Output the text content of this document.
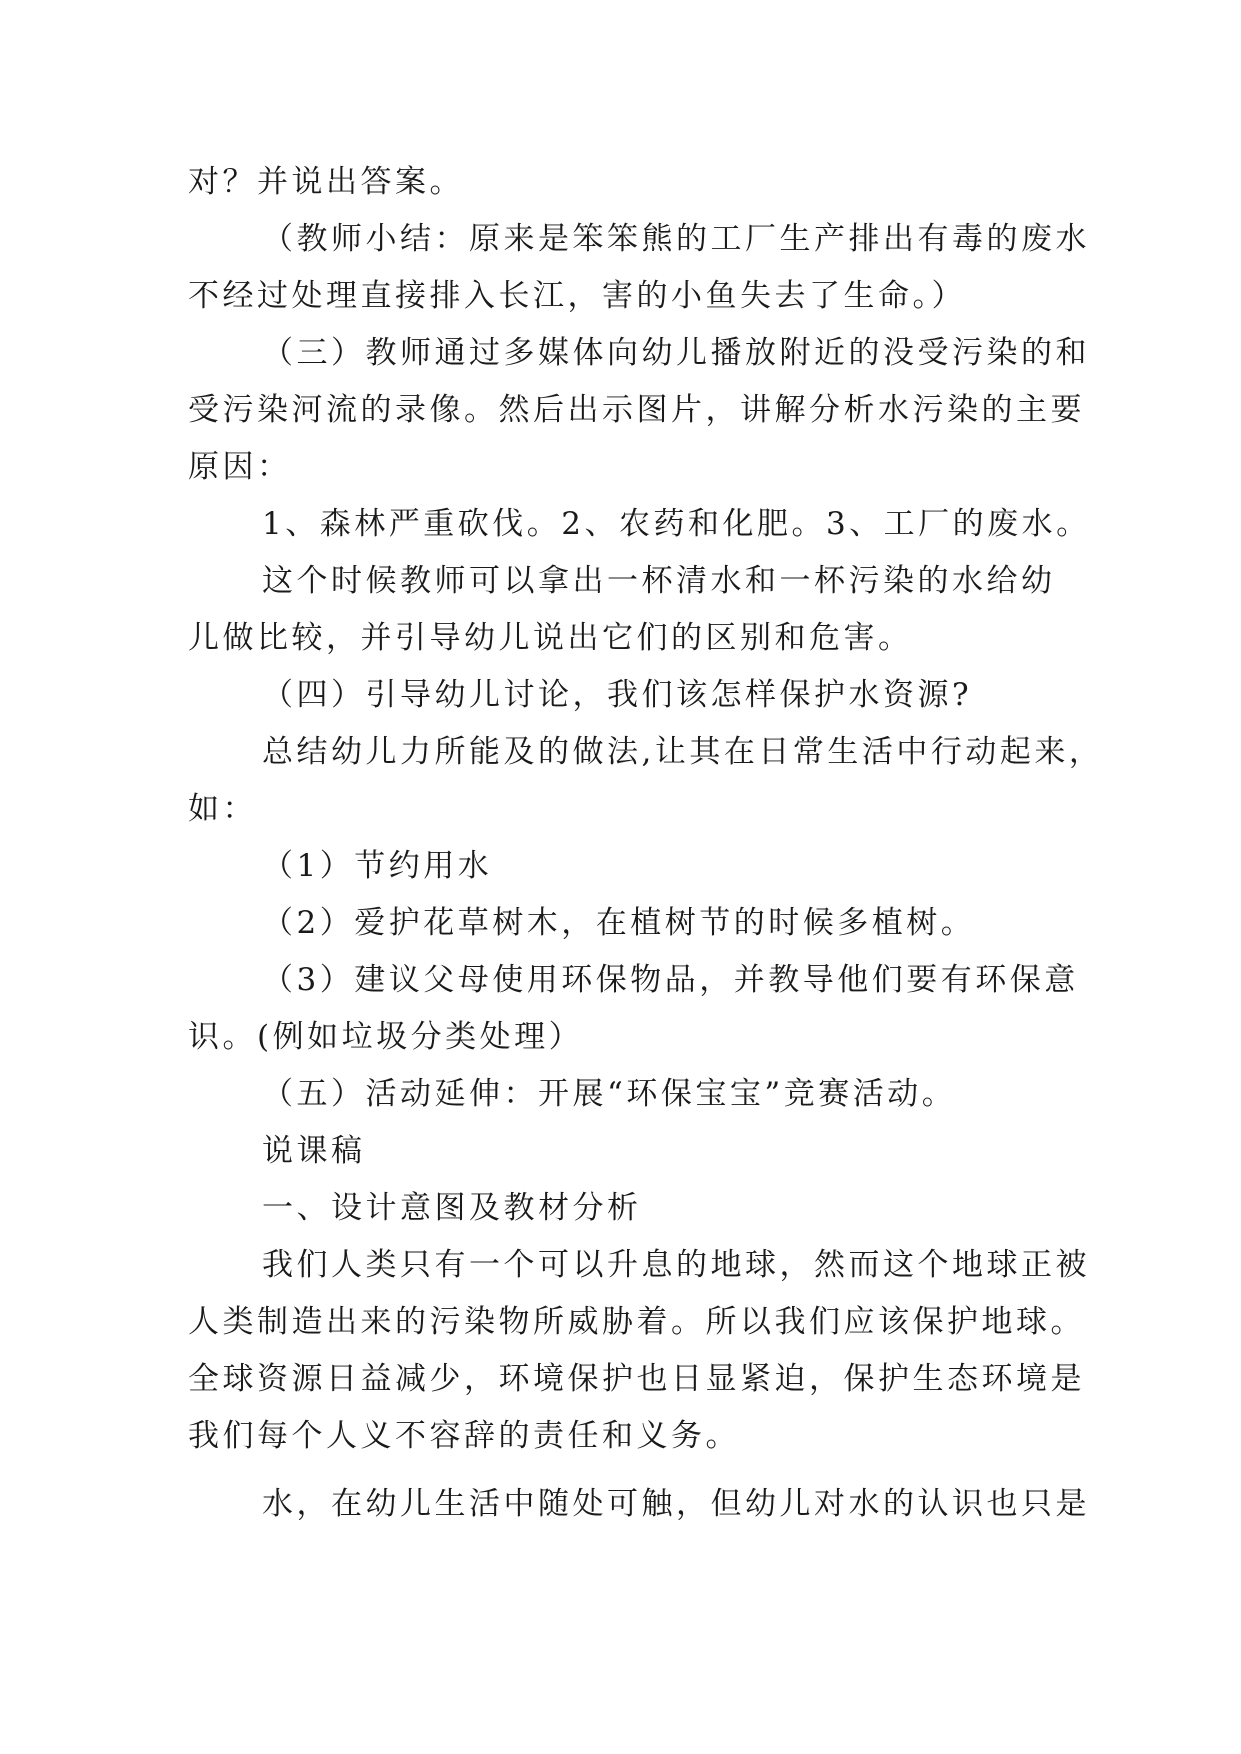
对？并说出答案。
（教师小结：原来是笨笨熊的工厂生产排出有毒的废水
不经过处理直接排入长江，害的小鱼失去了生命。）
（三）教师通过多媒体向幼儿播放附近的没受污染的和
受污染河流的录像。然后出示图片，讲解分析水污染的主要
原因：
1、森林严重砍伐。2、农药和化肥。3、工厂的废水。
这个时候教师可以拿出一杯清水和一杯污染的水给幼
儿做比较，并引导幼儿说出它们的区别和危害。
（四）引导幼儿讨论，我们该怎样保护水资源?
总结幼儿力所能及的做法,让其在日常生活中行动起来，
如：
（1）节约用水
（2）爱护花草树木，在植树节的时候多植树。
（3）建议父母使用环保物品，并教导他们要有环保意
识。(例如垃圾分类处理）
（五）活动延伸：开展“环保宝宝”竞赛活动。
说课稿
一、设计意图及教材分析
我们人类只有一个可以升息的地球，然而这个地球正被
人类制造出来的污染物所威胁着。所以我们应该保护地球。
全球资源日益减少，环境保护也日显紧迫，保护生态环境是
我们每个人义不容辞的责任和义务。
水，在幼儿生活中随处可触，但幼儿对水的认识也只是
